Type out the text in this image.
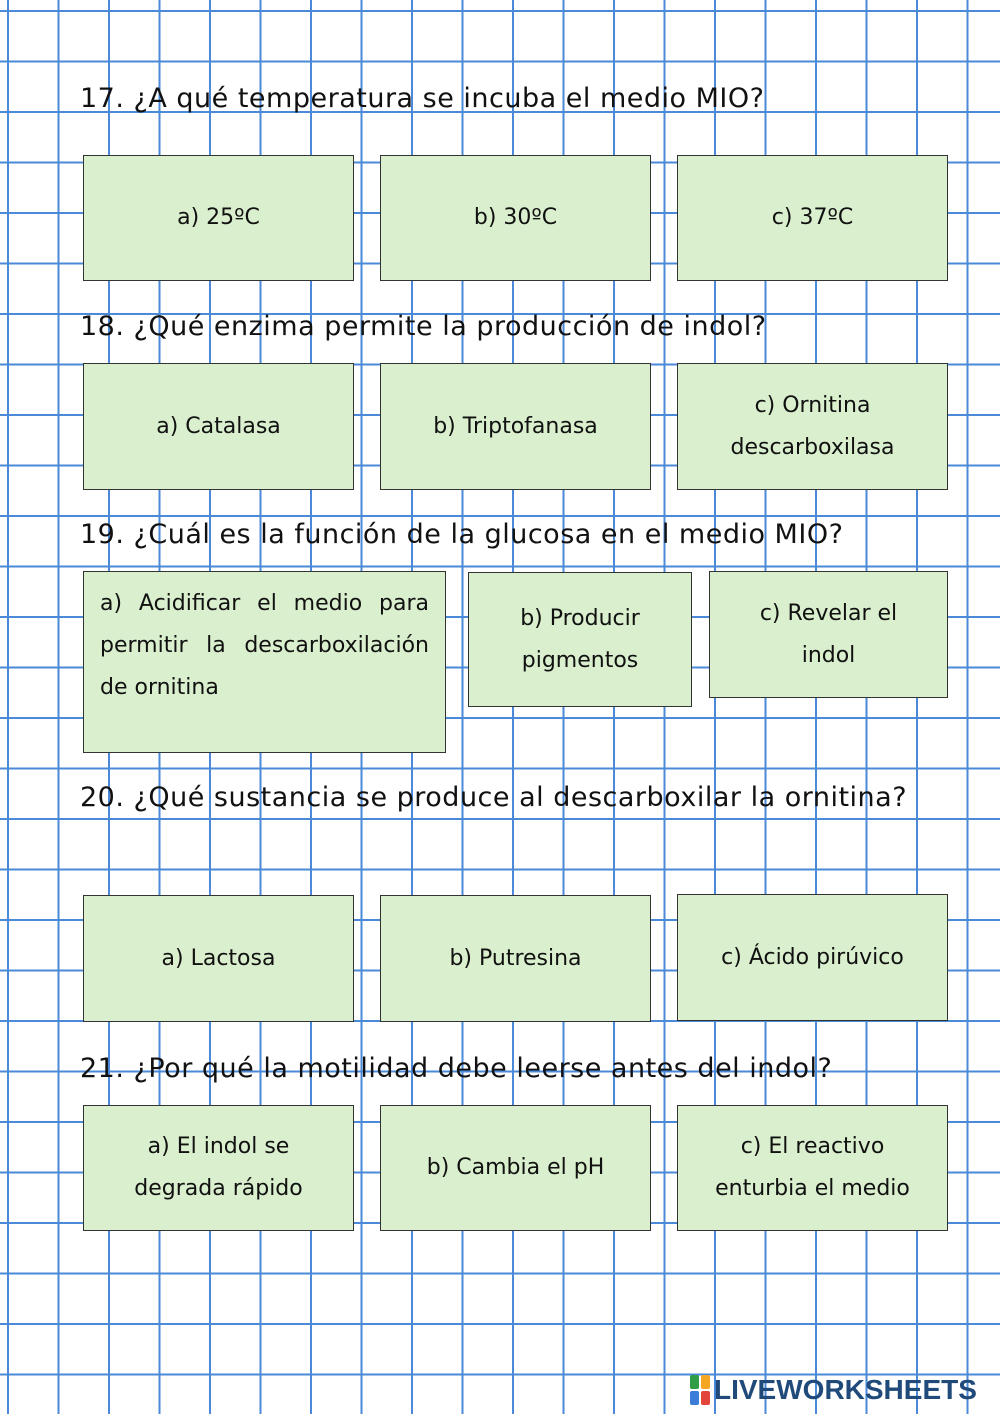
17. ¿A qué temperatura se incuba el medio MIO?
a) 25ºC	b) 30ºC	c) 37ºC
18. ¿Qué enzima permite la producción de indol?
a) Catalasa	b) Triptofanasa
c) Ornitina descarboxilasa
19. ¿Cuál es la función de la glucosa en el medio MIO?
a) Acidificar el medio para permitir la descarboxilación de ornitina
b) Producir pigmentos
c) Revelar el indol
20. ¿Qué sustancia se produce al descarboxilar la ornitina?
a) Lactosa	b) Putresina	c) Ácido pirúvico
21. ¿Por qué la motilidad debe leerse antes del indol?
a) El indol se degrada rápido
b) Cambia el pH
c) El reactivo enturbia el medio
LIVEWORKSHEETS
